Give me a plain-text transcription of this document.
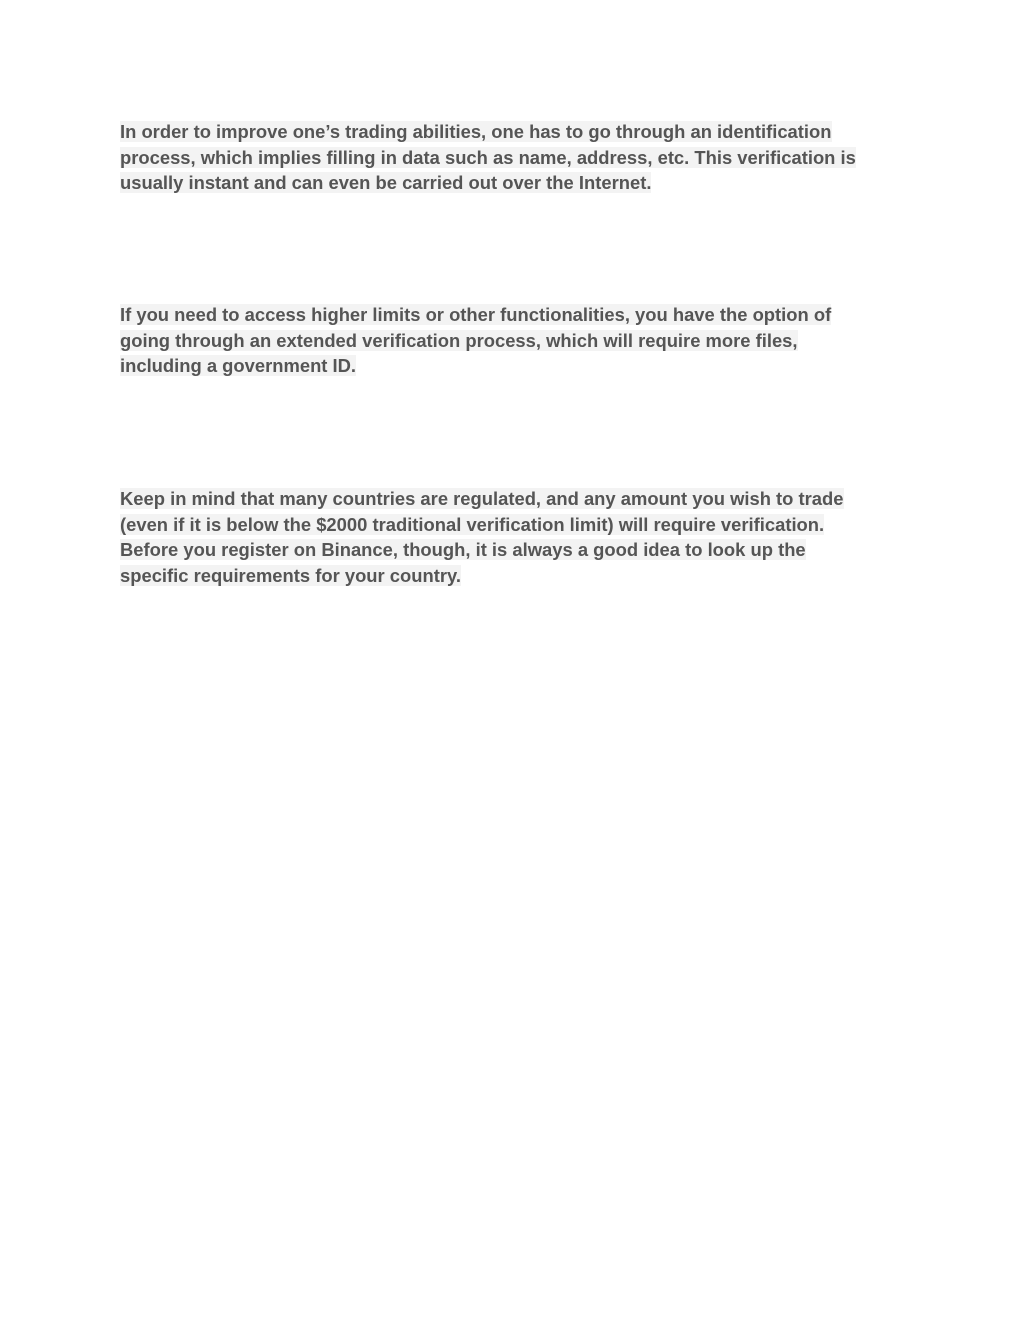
In order to improve one’s trading abilities, one has to go through an identification
process, which implies filling in data such as name, address, etc. This verification is
usually instant and can even be carried out over the Internet.

If you need to access higher limits or other functionalities, you have the option of
going through an extended verification process, which will require more files,
including a government ID.

Keep in mind that many countries are regulated, and any amount you wish to trade
(even if it is below the $2000 traditional verification limit) will require verification.
Before you register on Binance, though, it is always a good idea to look up the
specific requirements for your country.
